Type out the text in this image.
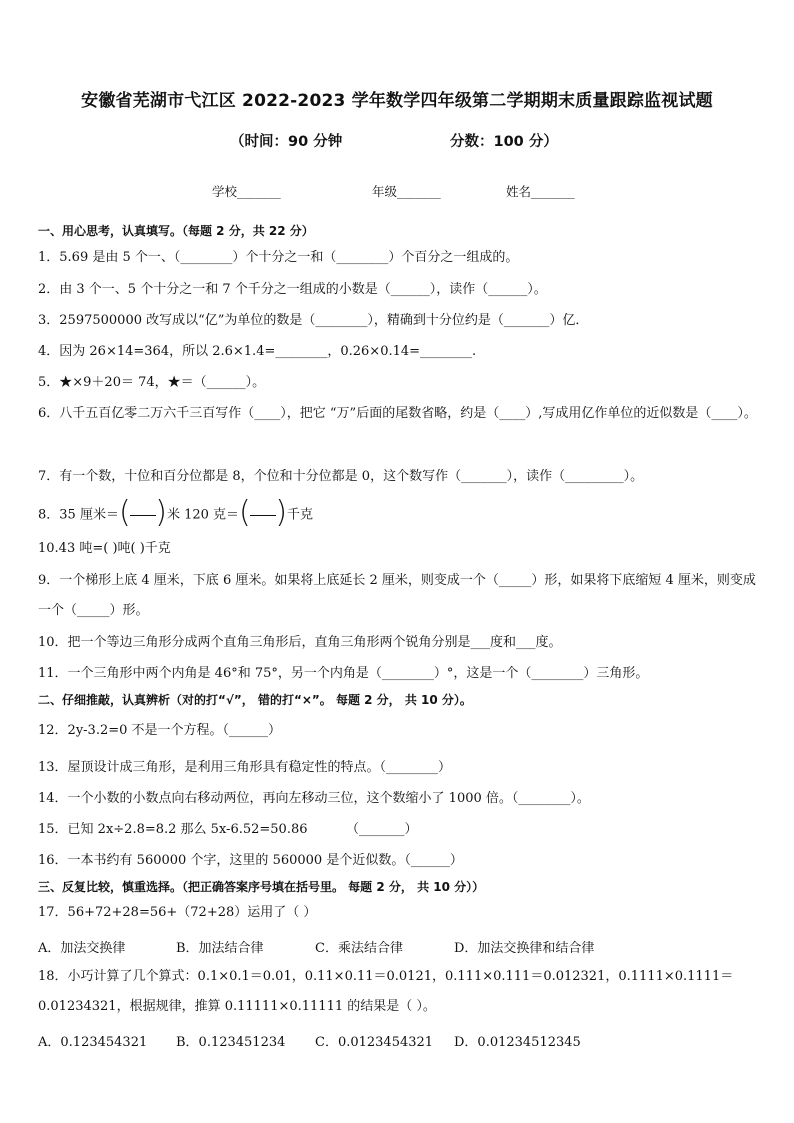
安徽省芜湖市弋江区 2022-2023 学年数学四年级第二学期期末质量跟踪监视试题
（时间：90 分钟	分数：100 分）
学校_______	年级_______	姓名_______
一、用心思考，认真填写。（每题 2 分，共 22 分）
1．5.69 是由 5 个一、（________）个十分之一和（________）个百分之一组成的。
2．由 3 个一、5 个十分之一和 7 个千分之一组成的小数是（______），读作（______）。
3．2597500000 改写成以“亿”为单位的数是（________），精确到十分位约是（_______）亿．
4．因为 26×14=364，所以 2.6×1.4=________，0.26×0.14=________.
5．★×9＋20＝ 74，★＝（______）。
6．八千五百亿零二万六千三百写作（____），把它 “万”后面的尾数省略，约是（____）,写成用亿作单位的近似数是（____）。
7．有一个数，十位和百分位都是 8，个位和十分位都是 0，这个数写作（_______），读作（_________）。
8．35 厘米＝ ( ) 米 120 克＝ ( ) 千克
10.43 吨=( )吨( )千克
9．一个梯形上底 4 厘米，下底 6 厘米。如果将上底延长 2 厘米，则变成一个（_____）形，如果将下底缩短 4 厘米，则变成一个（_____）形。
10．把一个等边三角形分成两个直角三角形后，直角三角形两个锐角分别是___度和___度。
11．一个三角形中两个内角是 46°和 75°，另一个内角是（________）°，这是一个（________）三角形。
二、仔细推敲，认真辨析（对的打“√”， 错的打“×”。 每题 2 分， 共 10 分）。
12．2y-3.2=0 不是一个方程。（______）
13．屋顶设计成三角形，是利用三角形具有稳定性的特点。（________）
14．一个小数的小数点向右移动两位，再向左移动三位，这个数缩小了 1000 倍。（________）。
15．已知 2x÷2.8=8.2 那么 5x-6.52=50.86	（_______）
16．一本书约有 560000 个字，这里的 560000 是个近似数。（______）
三、反复比较，慎重选择。（把正确答案序号填在括号里。 每题 2 分， 共 10 分））
17．56+72+28=56+（72+28）运用了（ ）
A．加法交换律	B．加法结合律	C．乘法结合律	D．加法交换律和结合律
18．小巧计算了几个算式：0.1×0.1＝0.01，0.11×0.11＝0.0121，0.111×0.111＝0.012321，0.1111×0.1111＝0.01234321，根据规律，推算 0.11111×0.11111 的结果是（ ）。
A．0.123454321 B．0.123451234 C．0.0123454321 D．0.01234512345
